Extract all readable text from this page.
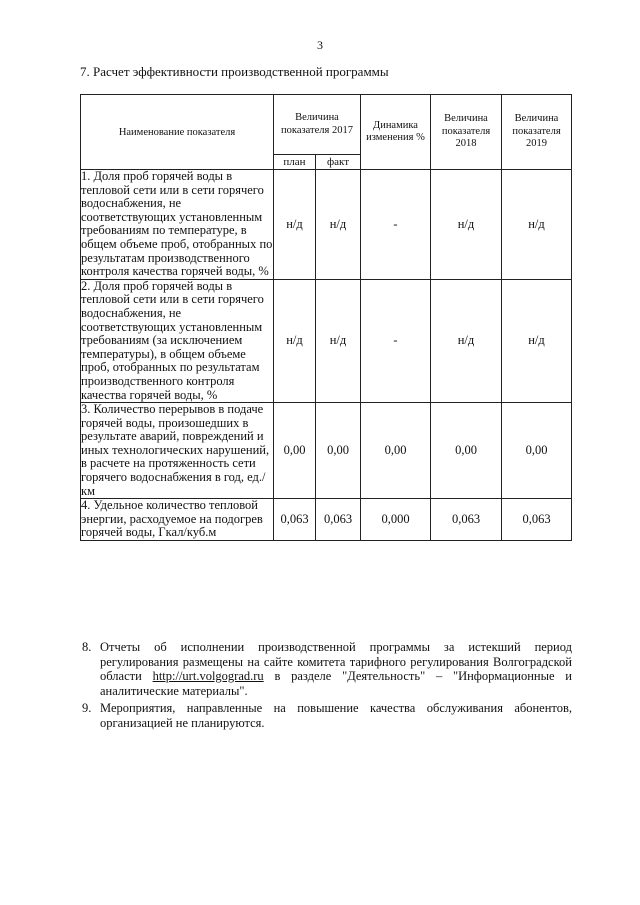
3
7. Расчет эффективности производственной программы
Наименование показателя	Величина показателя 2017		Динамика изменения %	Величина показателя 2018	Величина показателя 2019
	план	факт			
1. Доля проб горячей воды в тепловой сети или в сети горячего водоснабжения, не соответствующих установленным требованиям по температуре, в общем объеме проб, отобранных по результатам производственного контроля качества горячей воды, %	н/д	н/д	-	н/д	н/д
2. Доля проб горячей воды в тепловой сети или в сети горячего водоснабжения, не соответствующих установленным требованиям (за исключением температуры), в общем объеме проб, отобранных по результатам производственного контроля качества горячей воды, %	н/д	н/д	-	н/д	н/д
3. Количество перерывов в подаче горячей воды, произошедших в результате аварий, повреждений и иных технологических нарушений, в расчете на протяженность сети горячего водоснабжения в год, ед./км	0,00	0,00	0,00	0,00	0,00
4. Удельное количество тепловой энергии, расходуемое на подогрев горячей воды, Гкал/куб.м	0,063	0,063	0,000	0,063	0,063
8. Отчеты об исполнении производственной программы за истекший период регулирования размещены на сайте комитета тарифного регулирования Волгоградской области http://urt.volgograd.ru в разделе "Деятельность" – "Информационные и аналитические материалы".
9. Мероприятия, направленные на повышение качества обслуживания абонентов, организацией не планируются.
